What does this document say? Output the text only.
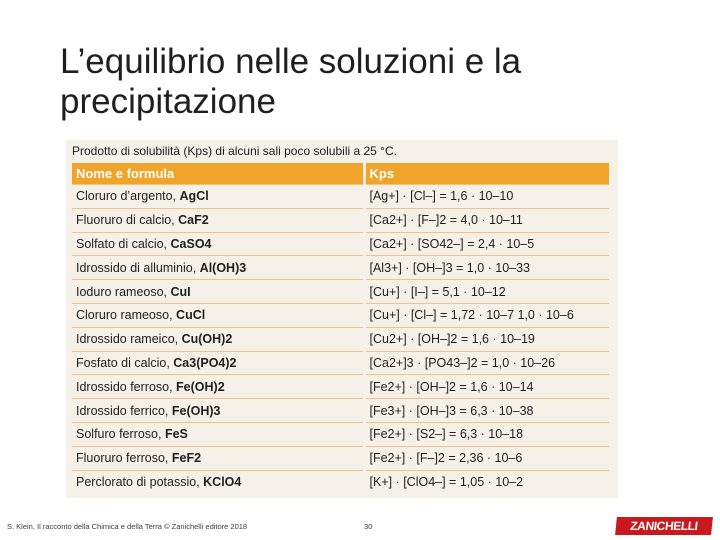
L’equilibrio nelle soluzioni e la precipitazione
Prodotto di solubilità (Kps) di alcuni sali poco solubili a 25 °C.
Nome e formula	Kps
Cloruro d’argento, AgCl	[Ag+] · [Cl–] = 1,6 · 10–10
Fluoruro di calcio, CaF2	[Ca2+] · [F–]2 = 4,0 · 10–11
Solfato di calcio, CaSO4	[Ca2+] · [SO42–] = 2,4 · 10–5
Idrossido di alluminio, Al(OH)3	[Al3+] · [OH–]3 = 1,0 · 10–33
Ioduro rameoso, CuI	[Cu+] · [I–] = 5,1 · 10–12
Cloruro rameoso, CuCl	[Cu+] · [Cl–] = 1,72 · 10–7 1,0 · 10–6
Idrossido rameico, Cu(OH)2	[Cu2+] · [OH–]2 = 1,6 · 10–19
Fosfato di calcio, Ca3(PO4)2	[Ca2+]3 · [PO43–]2 = 1,0 · 10–26
Idrossido ferroso, Fe(OH)2	[Fe2+] · [OH–]2 = 1,6 · 10–14
Idrossido ferrico, Fe(OH)3	[Fe3+] · [OH–]3 = 6,3 · 10–38
Solfuro ferroso, FeS	[Fe2+] · [S2–] = 6,3 · 10–18
Fluoruro ferroso, FeF2	[Fe2+] · [F–]2 = 2,36 · 10–6
Perclorato di potassio, KClO4	[K+] · [ClO4–] = 1,05 · 10–2
S. Klein, Il racconto della Chimica e della Terra © Zanichelli editore 2018	30	ZANICHELLI
